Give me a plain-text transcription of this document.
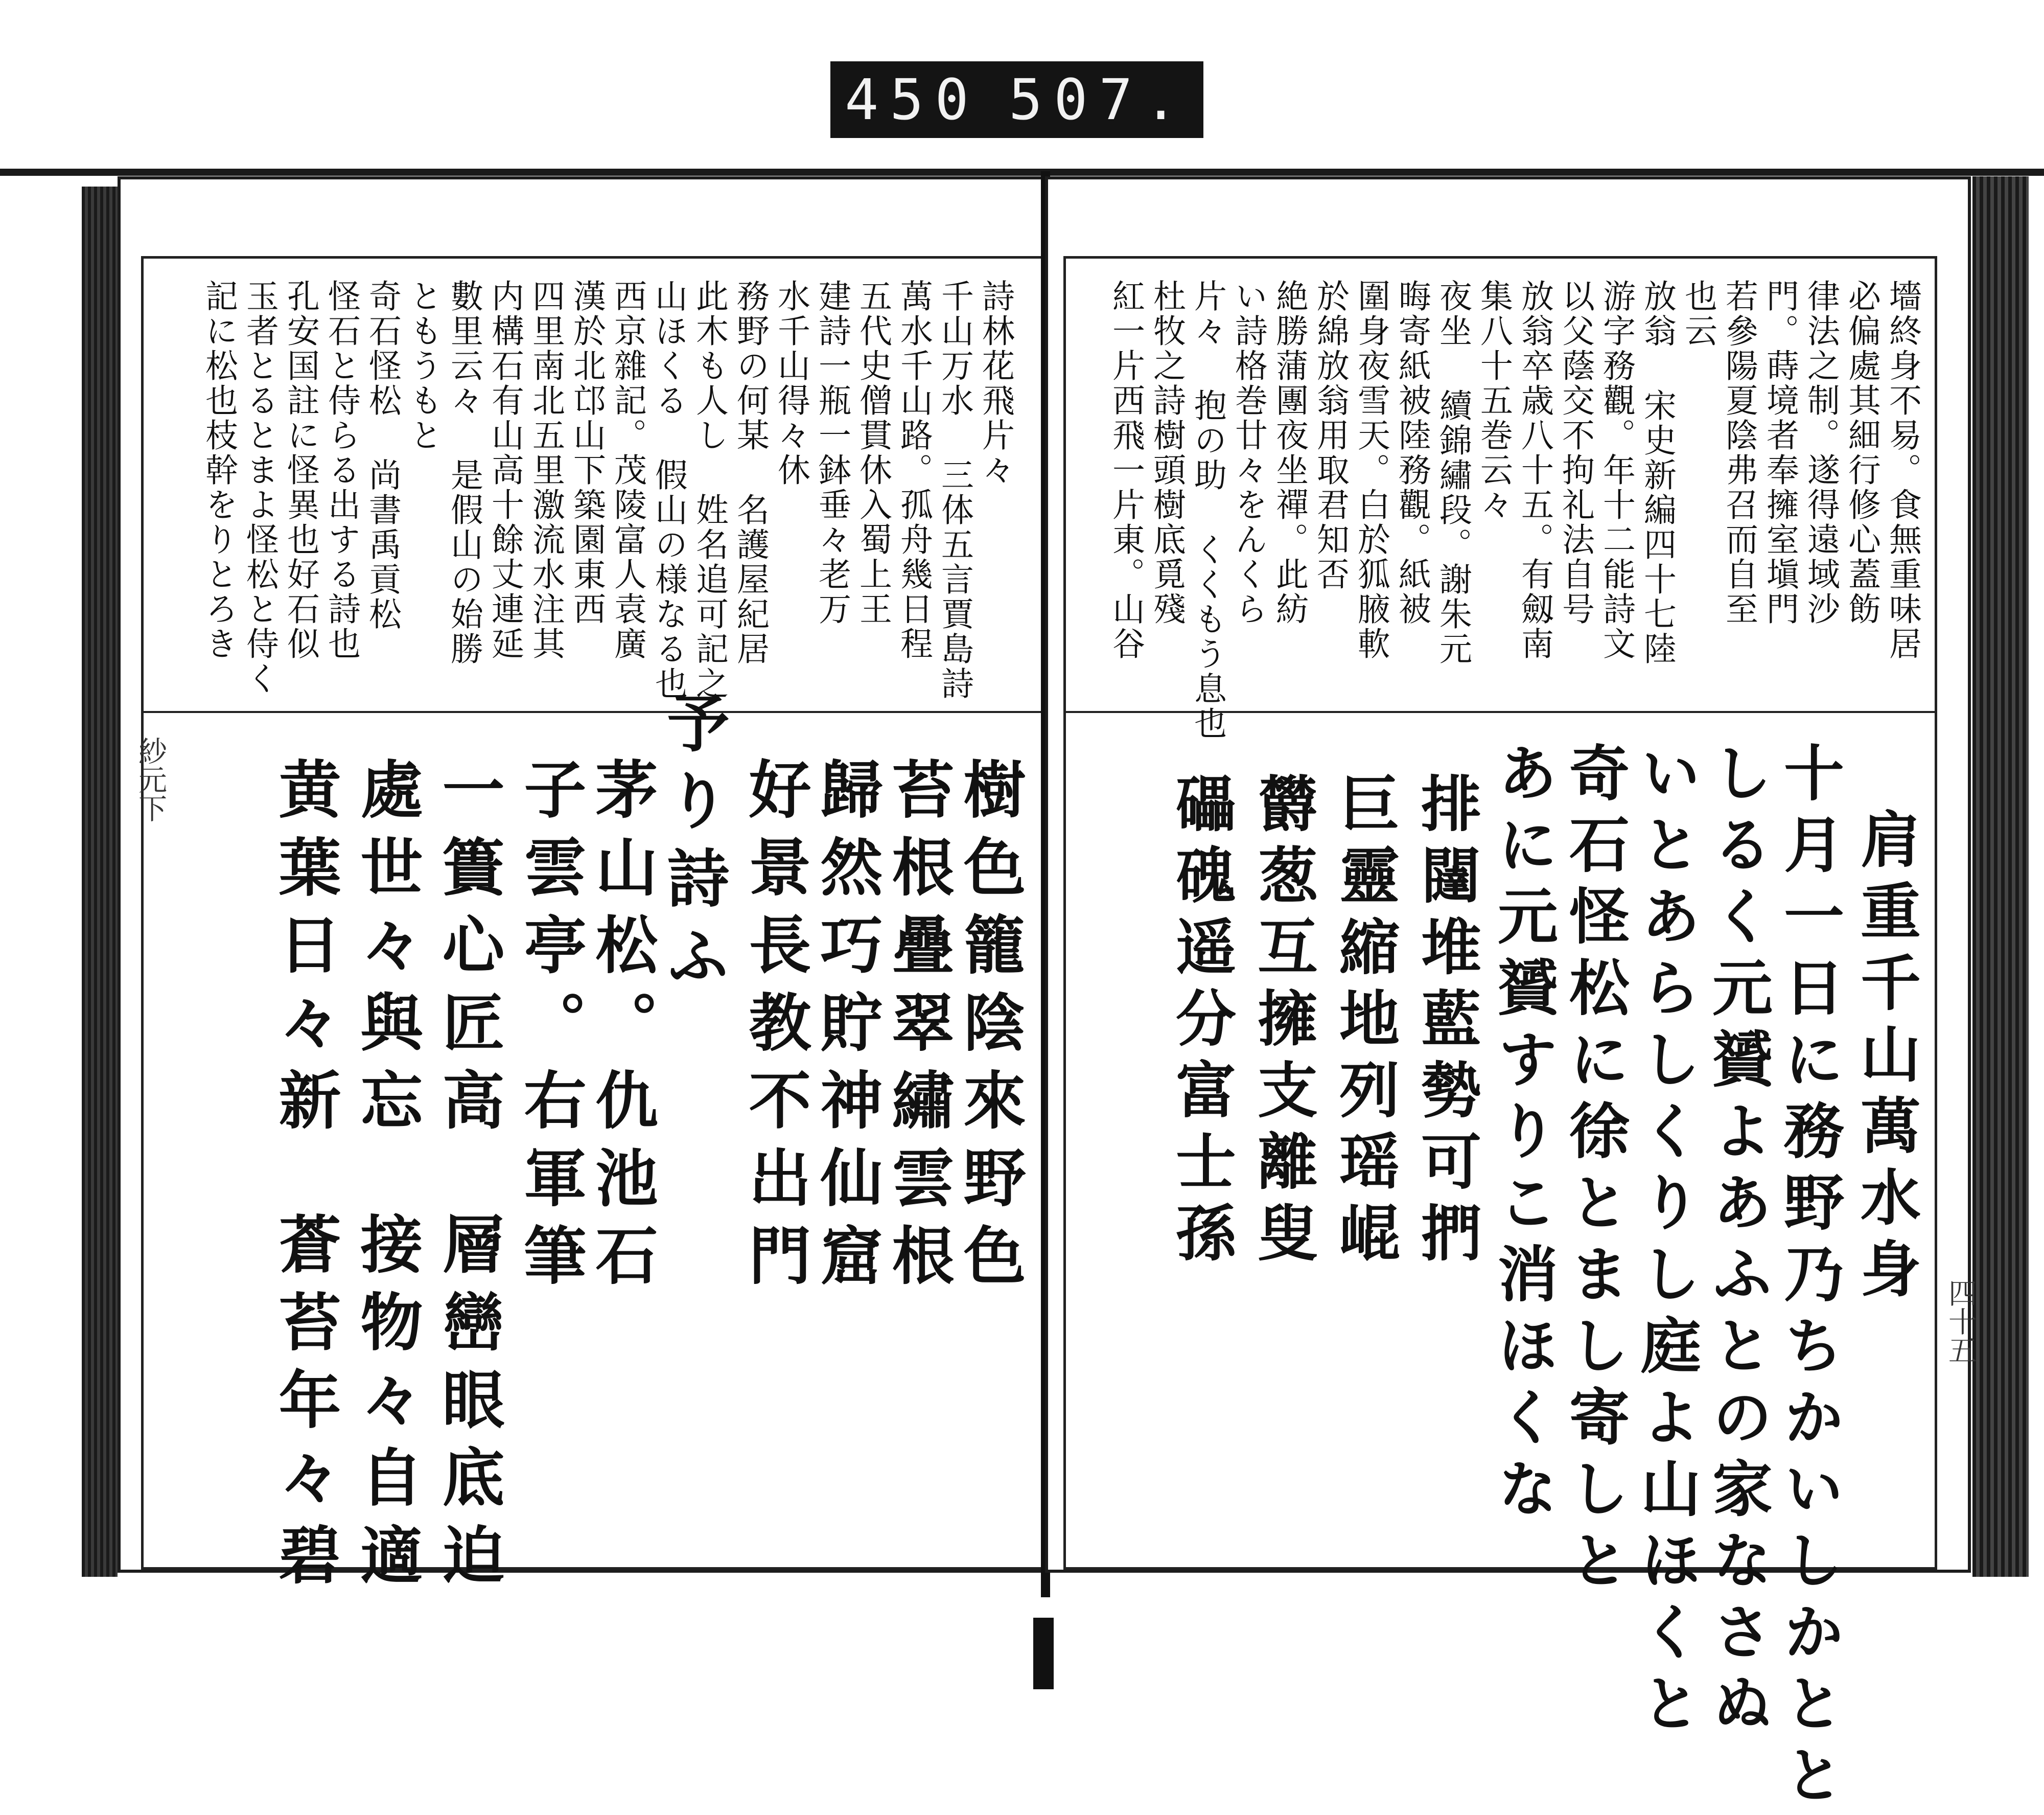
450 507.
紗元下
詩林花飛片々
千山万水 三体五言賈島詩
萬水千山路。孤舟幾日程
五代史僧貫休入蜀上王
建詩一瓶一鉢垂々老万
水千山得々休
務野の何某 名護屋紀居
此木も人し 姓名追可記之
山ほくる 假山の様なる也
西京雜記。茂陵富人袁廣
漢於北邙山下築園東西
四里南北五里激流水注其
内構石有山高十餘丈連延
數里云々 是假山の始勝
ともうもと
奇石怪松 尚書禹貢松
怪石と侍らる出する詩也
孔安国註に怪異也好石似
玉者とるとまよ怪松と侍く
記に松也枝幹をりとろき
樹色籠陰來野色
苔根疊翠繡雲根
歸然巧貯神仙窟
好景長教不出門
予り詩ふ
茅山松。仇池石
子雲亭。右軍筆
一簣心匠高
處世々與忘
黄葉日々新
層巒眼底迫
接物々自適
蒼苔年々碧	四十五
墻終身不易。食無重味居
必偏處其細行修心蓋飭
律法之制。遂得遠域沙
門。蒔境者奉擁室塡門
若參陽夏陰弗召而自至
也云
放翁 宋史新編四十七陸
游字務觀。年十二能詩文
以父蔭交不拘礼法自号
放翁卒歳八十五。有劔南
集八十五巻云々
夜坐 續錦繡段。謝朱元
晦寄紙被陸務觀。紙被
圍身夜雪天。白於狐腋軟
於綿放翁用取君知否
絶勝蒲團夜坐禪。此紡
い詩格巻廿々をんくら
片々 抱の助 くくもう息也
杜牧之詩樹頭樹底覓殘
紅一片西飛一片東。山谷
肩重千山萬水身
十月一日に務野乃ちかいしかとと
しるく元贇よあふとの家なさぬ
いとあらしくりし庭よ山ほくと
奇石怪松に徐とまし寄しと
あに元贇すりこ消ほくな
排闥堆藍勢可捫
巨靈縮地列瑶崐
欝葱互擁支離叟
礧磈遥分富士孫
